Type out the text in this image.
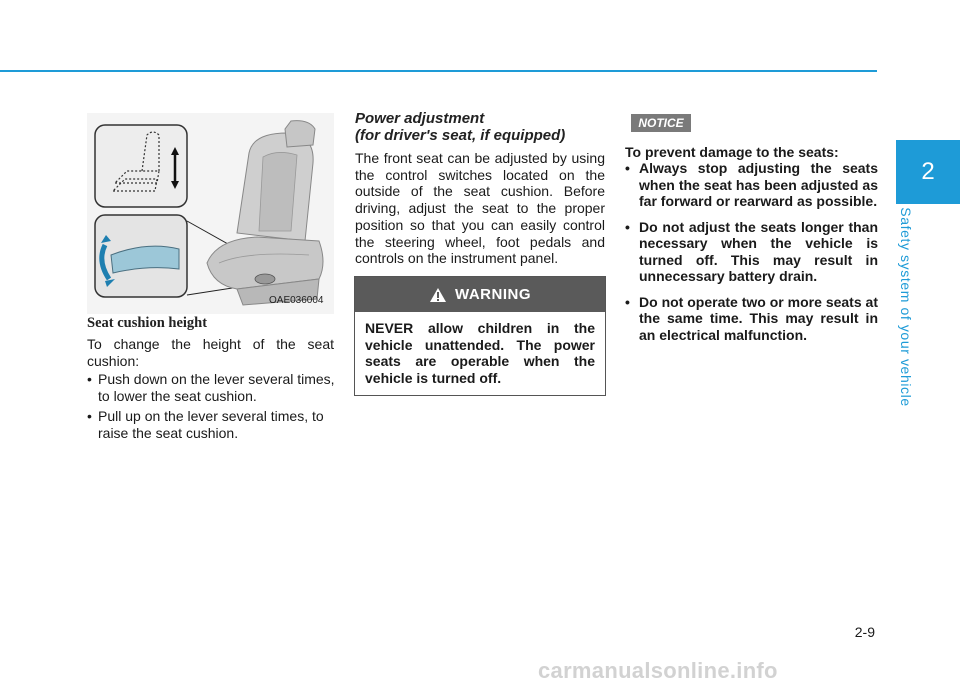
2
Safety system of your vehicle
OAE036004
Seat cushion height

To change the height of the seat cushion:

• Push down on the lever several times, to lower the seat cushion.

• Pull up on the lever several times, to raise the seat cushion.

Power adjustment
(for driver's seat, if equipped)

The front seat can be adjusted by using the control switches located on the outside of the seat cushion. Before driving, adjust the seat to the proper position so that you can easily control the steering wheel, foot pedals and controls on the instrument panel.

WARNING

NEVER allow children in the vehicle unattended. The power seats are operable when the vehicle is turned off.

NOTICE
To prevent damage to the seats:

• Always stop adjusting the seats when the seat has been adjusted as far forward or rearward as possible.

• Do not adjust the seats longer than necessary when the vehicle is turned off. This may result in unnecessary battery drain.

• Do not operate two or more seats at the same time. This may result in an electrical malfunction.

2-9
carmanualsonline.info
